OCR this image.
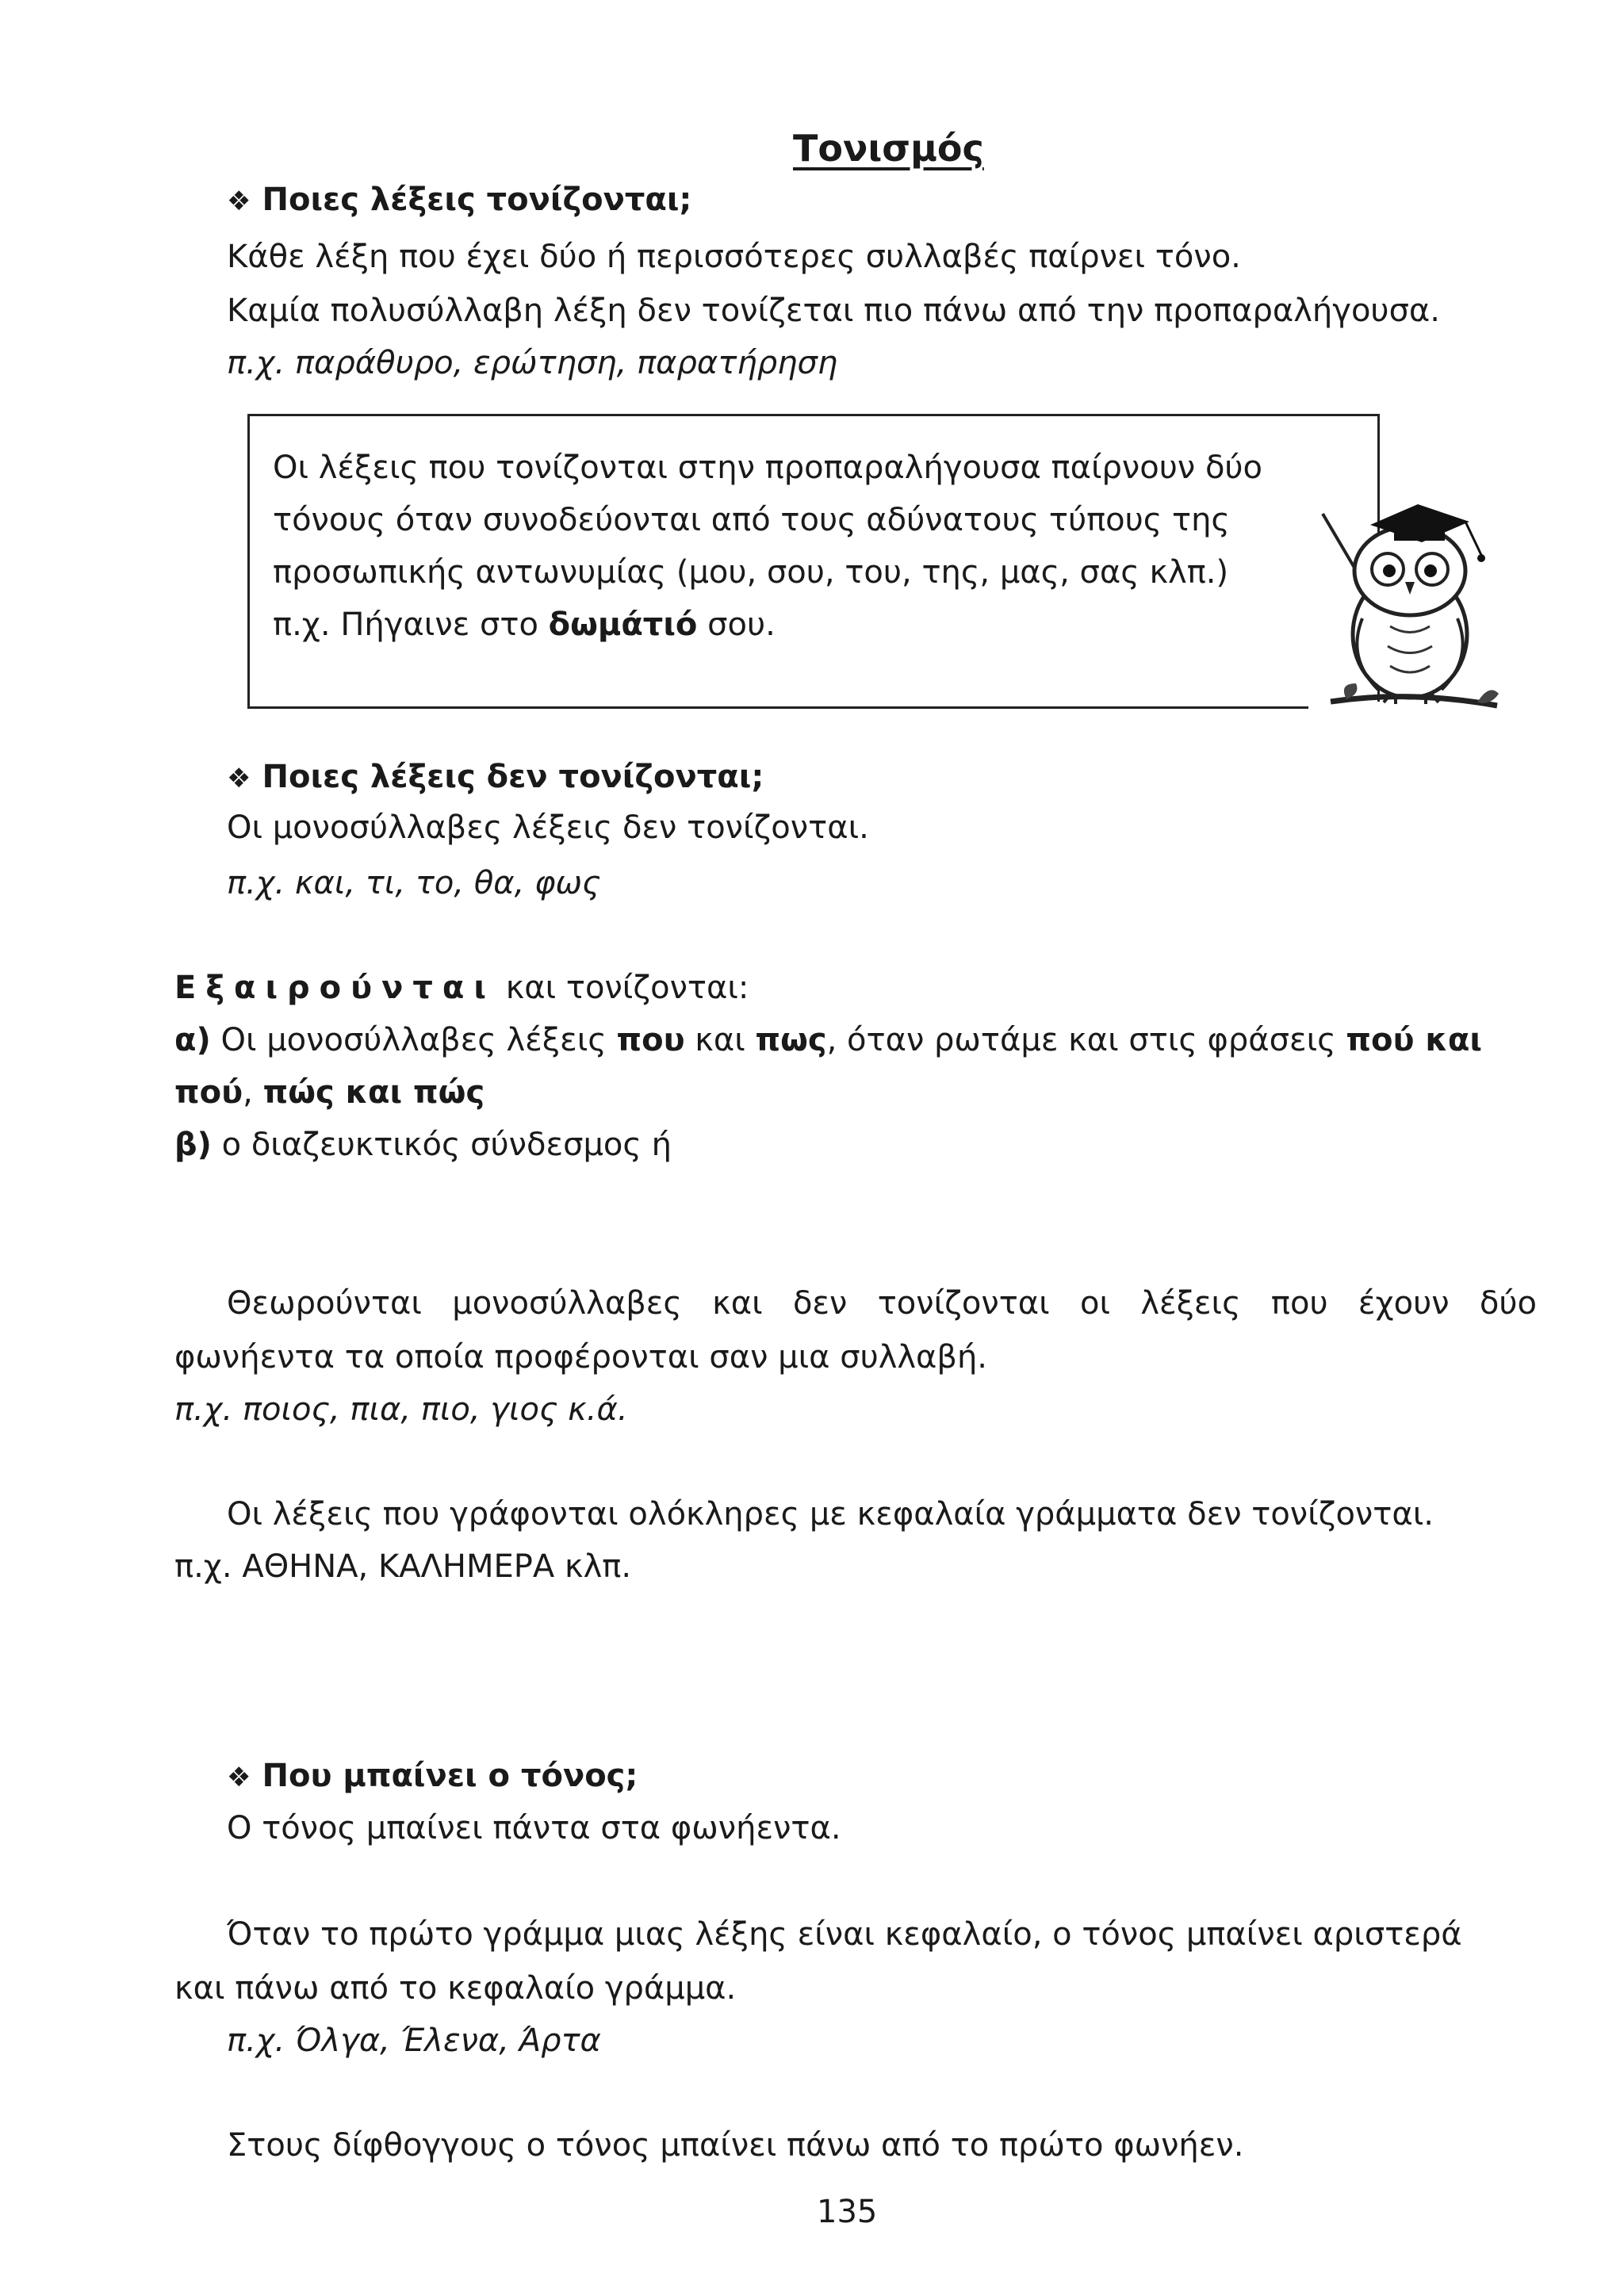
Τονισμός
❖ Ποιες λέξεις τονίζονται;
Κάθε λέξη που έχει δύο ή περισσότερες συλλαβές παίρνει τόνο.
Καμία πολυσύλλαβη λέξη δεν τονίζεται πιο πάνω από την προπαραλήγουσα.
π.χ. παράθυρο, ερώτηση, παρατήρηση
Οι λέξεις που τονίζονται στην προπαραλήγουσα παίρνουν δύο
τόνους όταν συνοδεύονται από τους αδύνατους τύπους της
προσωπικής αντωνυμίας (μου, σου, του, της, μας, σας κλπ.)
π.χ. Πήγαινε στο δωμάτιό σου.
❖ Ποιες λέξεις δεν τονίζονται;
Οι μονοσύλλαβες λέξεις δεν τονίζονται.
π.χ. και, τι, το, θα, φως
Εξαιρούνται και τονίζονται:
α) Οι μονοσύλλαβες λέξεις που και πως, όταν ρωτάμε και στις φράσεις πού και
πού, πώς και πώς
β) ο διαζευκτικός σύνδεσμος ή
Θεωρούνται μονοσύλλαβες και δεν τονίζονται οι λέξεις που έχουν δύο
φωνήεντα τα οποία προφέρονται σαν μια συλλαβή.
π.χ. ποιος, πια, πιο, γιος κ.ά.
Οι λέξεις που γράφονται ολόκληρες με κεφαλαία γράμματα δεν τονίζονται.
π.χ. ΑΘΗΝΑ, ΚΑΛΗΜΕΡΑ κλπ.
❖ Που μπαίνει ο τόνος;
Ο τόνος μπαίνει πάντα στα φωνήεντα.
Όταν το πρώτο γράμμα μιας λέξης είναι κεφαλαίο, ο τόνος μπαίνει αριστερά
και πάνω από το κεφαλαίο γράμμα.
π.χ. Όλγα, Έλενα, Άρτα
Στους δίφθογγους ο τόνος μπαίνει πάνω από το πρώτο φωνήεν.
135
